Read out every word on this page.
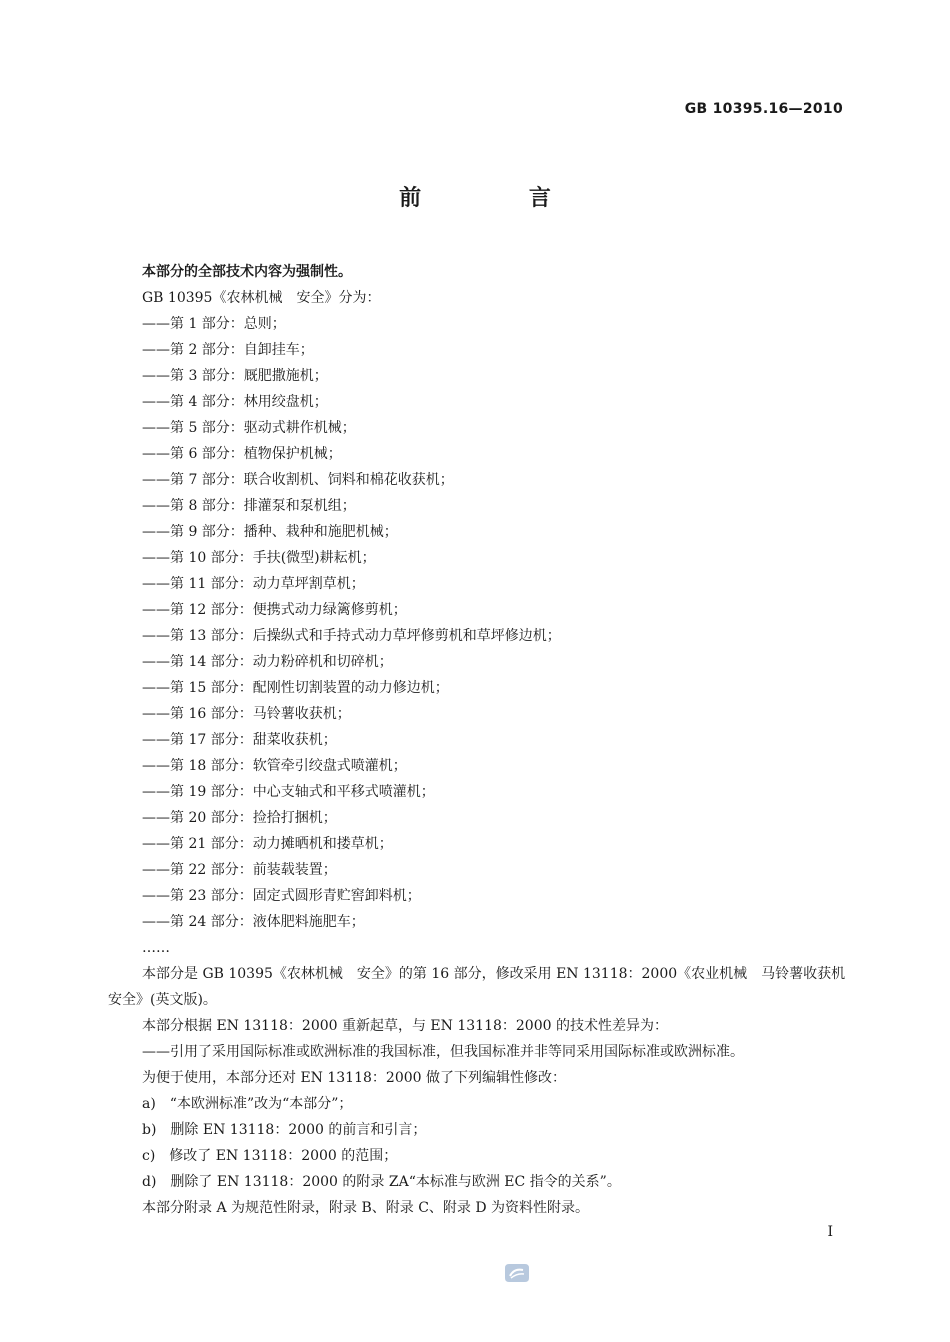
GB 10395.16—2010
前 言
本部分的全部技术内容为强制性。
GB 10395《农林机械　安全》分为：
——第 1 部分：总则；
——第 2 部分：自卸挂车；
——第 3 部分：厩肥撒施机；
——第 4 部分：林用绞盘机；
——第 5 部分：驱动式耕作机械；
——第 6 部分：植物保护机械；
——第 7 部分：联合收割机、饲料和棉花收获机；
——第 8 部分：排灌泵和泵机组；
——第 9 部分：播种、栽种和施肥机械；
——第 10 部分：手扶(微型)耕耘机；
——第 11 部分：动力草坪割草机；
——第 12 部分：便携式动力绿篱修剪机；
——第 13 部分：后操纵式和手持式动力草坪修剪机和草坪修边机；
——第 14 部分：动力粉碎机和切碎机；
——第 15 部分：配刚性切割装置的动力修边机；
——第 16 部分：马铃薯收获机；
——第 17 部分：甜菜收获机；
——第 18 部分：软管牵引绞盘式喷灌机；
——第 19 部分：中心支轴式和平移式喷灌机；
——第 20 部分：捡拾打捆机；
——第 21 部分：动力摊晒机和搂草机；
——第 22 部分：前装载装置；
——第 23 部分：固定式圆形青贮窖卸料机；
——第 24 部分：液体肥料施肥车；
……
本部分是 GB 10395《农林机械　安全》的第 16 部分，修改采用 EN 13118：2000《农业机械　马铃薯收获机　安全》(英文版)。
本部分根据 EN 13118：2000 重新起草，与 EN 13118：2000 的技术性差异为：
——引用了采用国际标准或欧洲标准的我国标准，但我国标准并非等同采用国际标准或欧洲标准。
为便于使用，本部分还对 EN 13118：2000 做了下列编辑性修改：
a)　“本欧洲标准”改为“本部分”；
b)　删除 EN 13118：2000 的前言和引言；
c)　修改了 EN 13118：2000 的范围；
d)　删除了 EN 13118：2000 的附录 ZA“本标准与欧洲 EC 指令的关系”。
本部分附录 A 为规范性附录，附录 B、附录 C、附录 D 为资料性附录。
I
